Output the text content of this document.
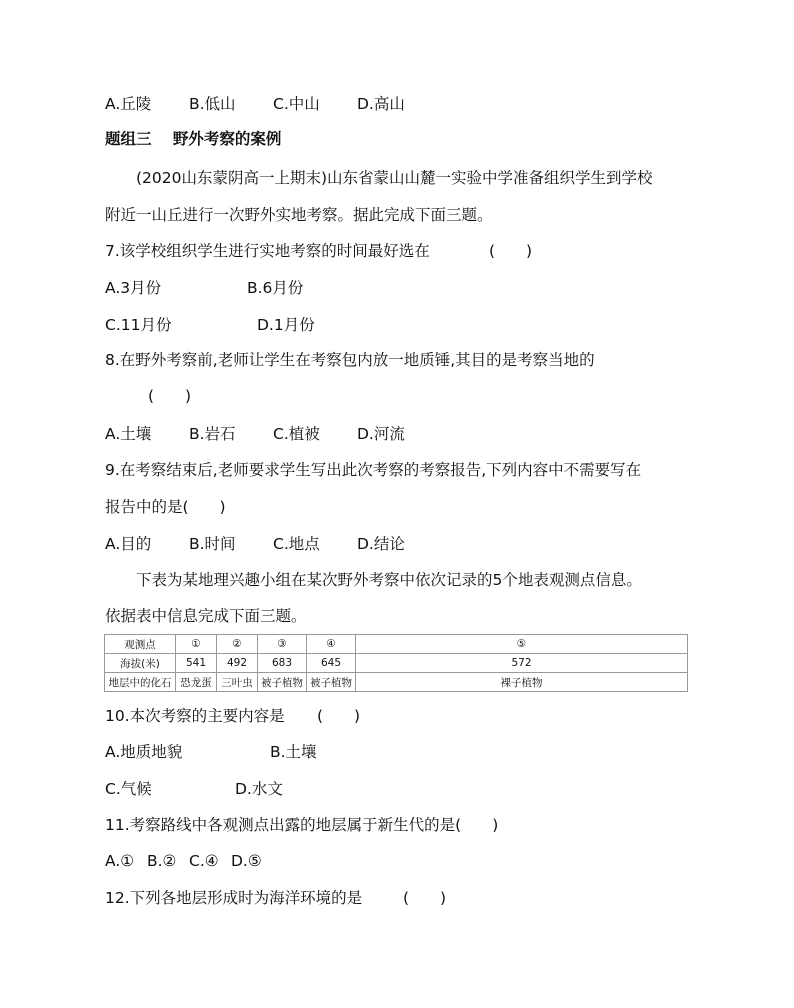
A.丘陵 B.低山 C.中山 D.高山
题组三 野外考察的案例
(2020山东蒙阴高一上期末)山东省蒙山山麓一实验中学准备组织学生到学校
附近一山丘进行一次野外实地考察。据此完成下面三题。
7.该学校组织学生进行实地考察的时间最好选在	(　　)
A.3月份	B.6月份
C.11月份	D.1月份
8.在野外考察前,老师让学生在考察包内放一地质锤,其目的是考察当地的
(　　)
A.土壤 B.岩石 C.植被 D.河流
9.在考察结束后,老师要求学生写出此次考察的考察报告,下列内容中不需要写在
报告中的是(　　)
A.目的 B.时间 C.地点 D.结论
下表为某地理兴趣小组在某次野外考察中依次记录的5个地表观测点信息。
依据表中信息完成下面三题。
观测点	①	②	③	④	⑤
海拔(米)	541	492	683	645	572
地层中的化石	恐龙蛋	三叶虫	被子植物	被子植物	裸子植物
10.本次考察的主要内容是 (　　)
A.地质地貌	B.土壤
C.气候	D.水文
11.考察路线中各观测点出露的地层属于新生代的是(　　)
A.① B.② C.④ D.⑤
12.下列各地层形成时为海洋环境的是	(　　)
